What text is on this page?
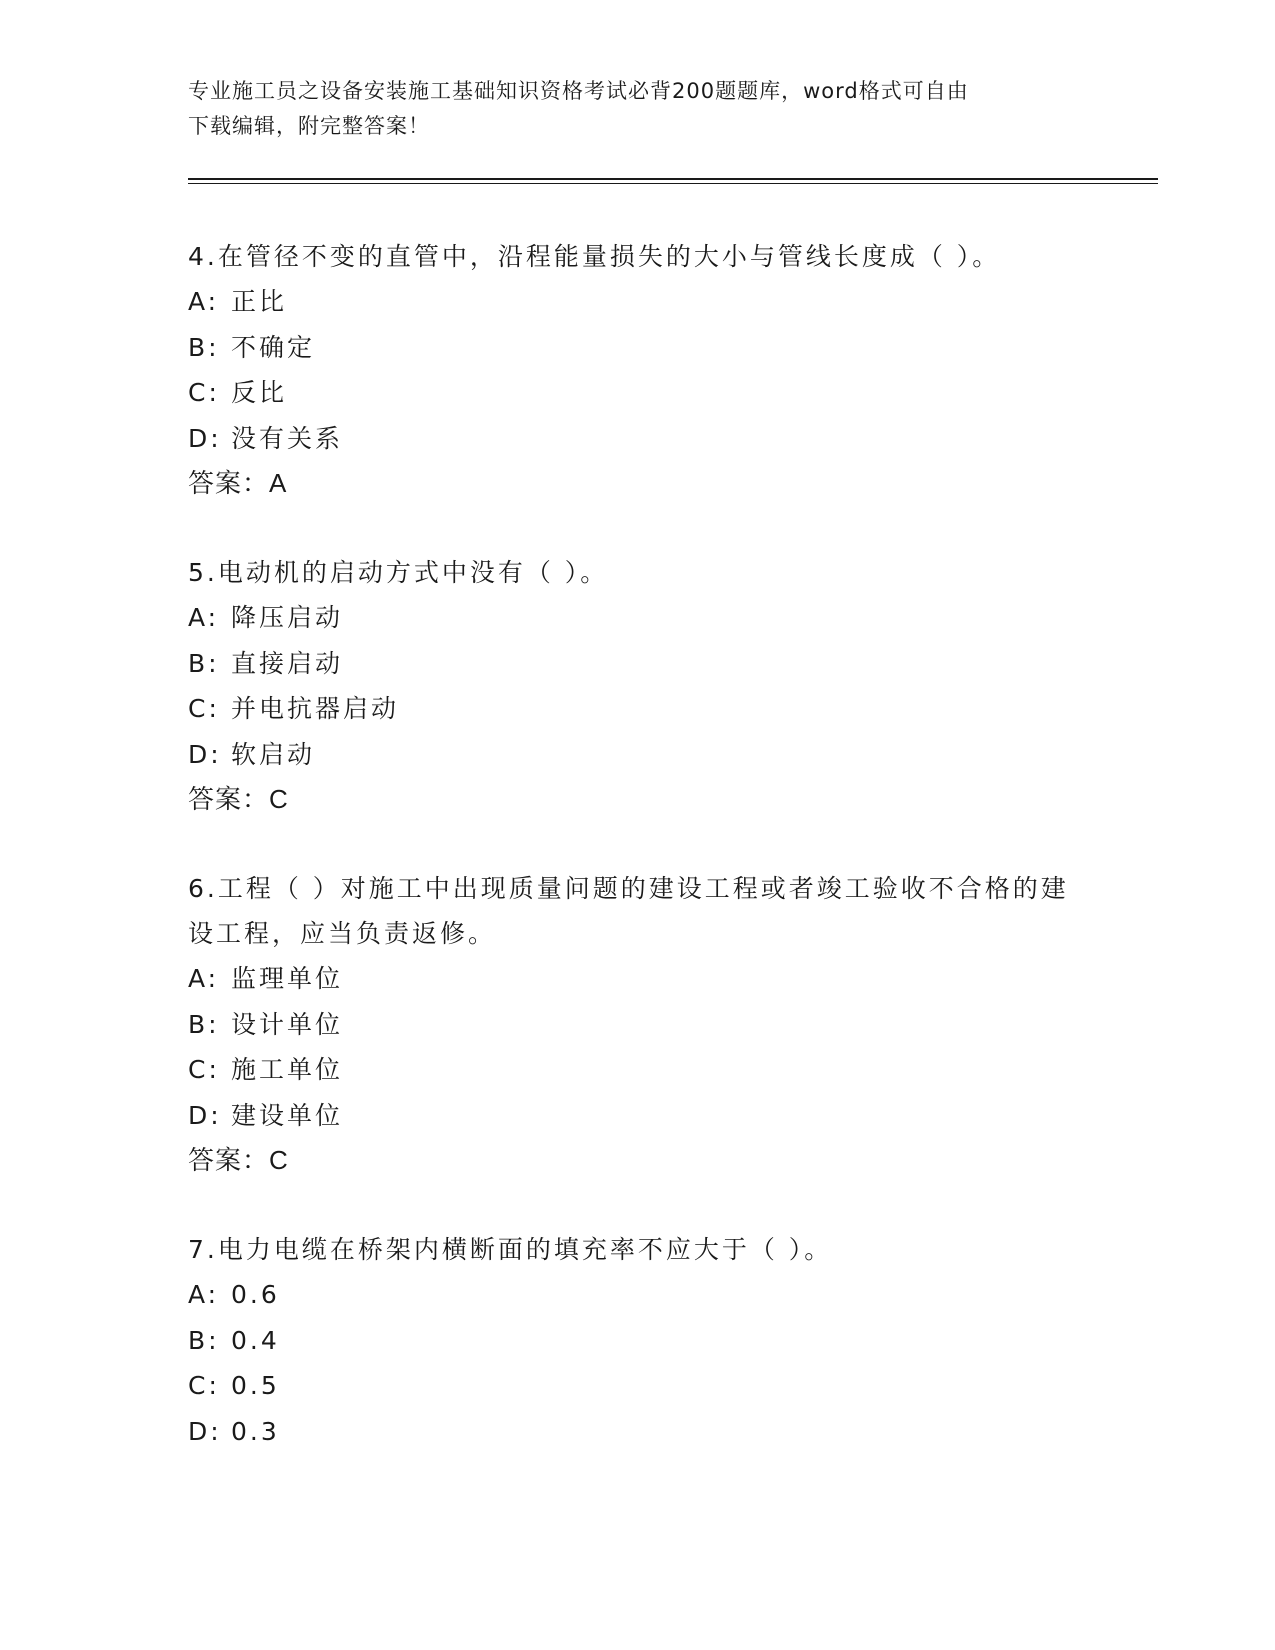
专业施工员之设备安装施工基础知识资格考试必背200题题库，word格式可自由
下载编辑，附完整答案！

4.在管径不变的直管中，沿程能量损失的大小与管线长度成（ ）。

A: 正比
B: 不确定
C: 反比
D: 没有关系
答案：A

5.电动机的启动方式中没有（ ）。

A: 降压启动
B: 直接启动
C: 并电抗器启动
D: 软启动
答案：C

6.工程（ ）对施工中出现质量问题的建设工程或者竣工验收不合格的建设工程，应当负责返修。

A: 监理单位
B: 设计单位
C: 施工单位
D: 建设单位
答案：C

7.电力电缆在桥架内横断面的填充率不应大于（ ）。

A: 0.6
B: 0.4
C: 0.5
D: 0.3
